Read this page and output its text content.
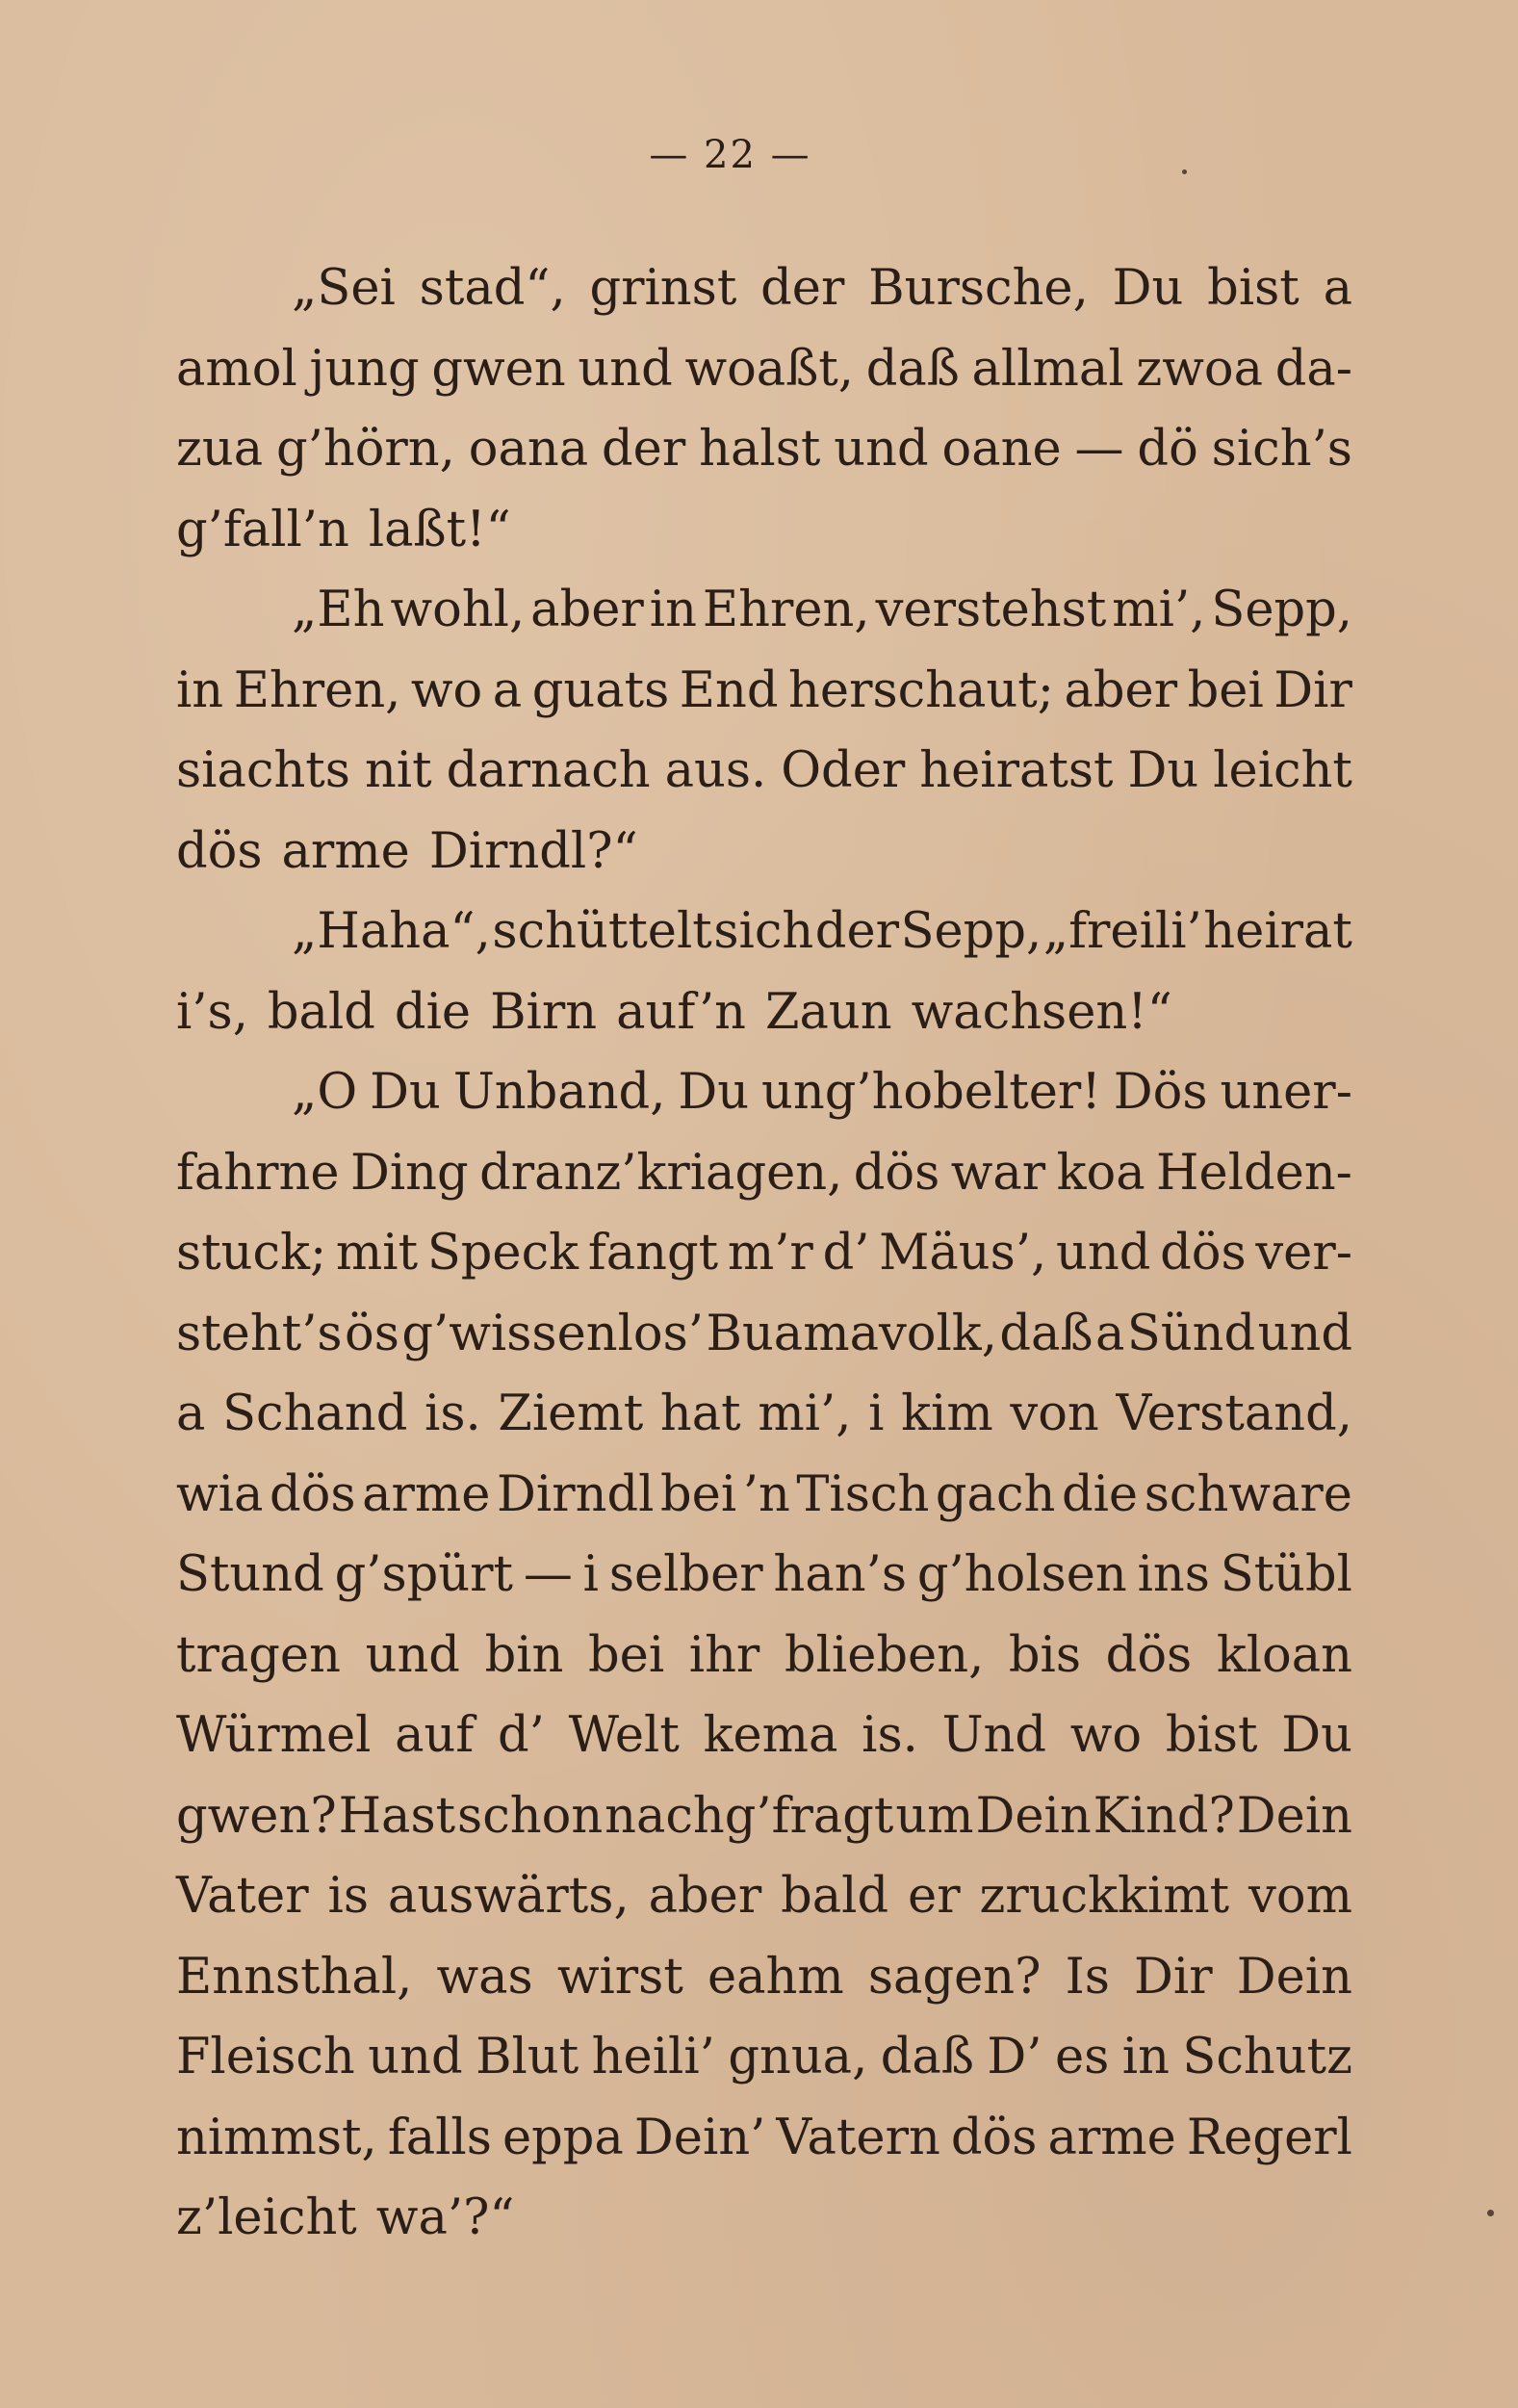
— 22 —
„Sei stad“, grinst der Bursche, Du bist a
amol jung gwen und woaßt, daß allmal zwoa da-
zua g’hörn, oana der halst und oane — dö sich’s
g’fall’n laßt!“
„Eh wohl, aber in Ehren, verstehst mi’, Sepp,
in Ehren, wo a guats End herschaut; aber bei Dir
siachts nit darnach aus. Oder heiratst Du leicht
dös arme Dirndl?“
„Haha“, schüttelt sich der Sepp, „freili’ heirat
i’s, bald die Birn auf’n Zaun wachsen!“
„O Du Unband, Du ung’hobelter! Dös uner-
fahrne Ding dranz’kriagen, dös war koa Helden-
stuck; mit Speck fangt m’r d’ Mäus’, und dös ver-
steht’s ös g’wissenlos’ Buamavolk, daß a Sünd und
a Schand is. Ziemt hat mi’, i kim von Verstand,
wia dös arme Dirndl bei ’n Tisch gach die schware
Stund g’spürt — i selber han’s g’holsen ins Stübl
tragen und bin bei ihr blieben, bis dös kloan
Würmel auf d’ Welt kema is. Und wo bist Du
gwen? Hast schon nachg’fragt um Dein Kind? Dein
Vater is auswärts, aber bald er zruckkimt vom
Ennsthal, was wirst eahm sagen? Is Dir Dein
Fleisch und Blut heili’ gnua, daß D’ es in Schutz
nimmst, falls eppa Dein’ Vatern dös arme Regerl
z’leicht wa’?“
